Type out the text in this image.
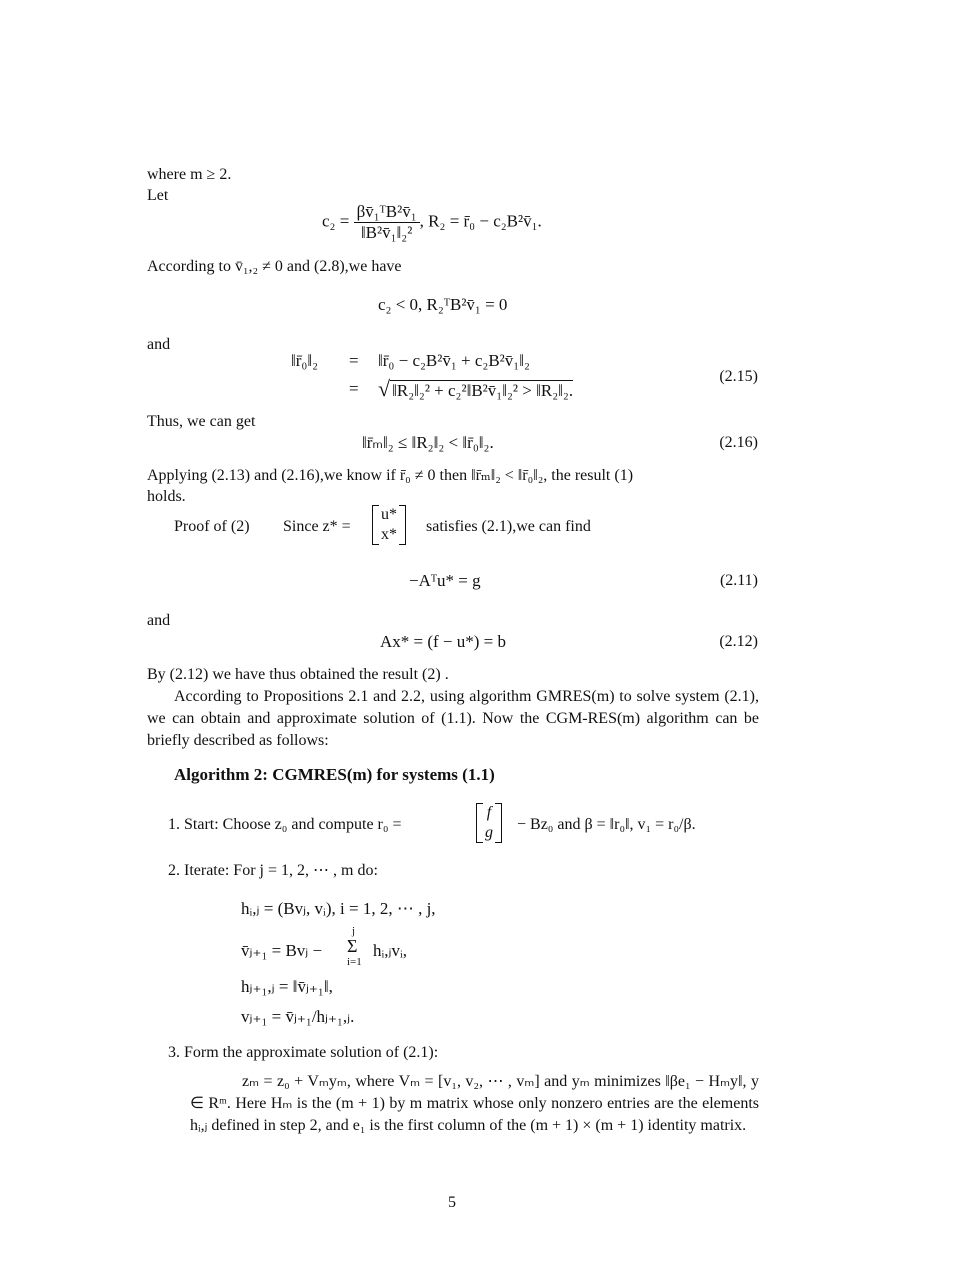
where m ≥ 2.
Let
$c_2 = \frac{\text{βv̄₁ᵀB²v̄₁}}{\text{‖B²v̄₁‖₂²}}$ , R₂ = r̄₀ − c₂B²v̄₁.
According to v̄₁,₂ ≠ 0 and (2.8),we have
c₂ < 0, R₂ᵀB²v̄₁ = 0
and
‖r̄₀‖₂ = ‖r̄₀ − c₂B²v̄₁ + c₂B²v̄₁‖₂
= √ ‖R₂‖₂² + c₂²‖B²v̄₁‖₂² > ‖R₂‖₂.
(2.15)
Thus, we can get
‖r̄ₘ‖₂ ≤ ‖R₂‖₂ < ‖r̄₀‖₂.	(2.16)
Applying (2.13) and (2.16),we know if r̄₀ ≠ 0 then ‖r̄ₘ‖₂ < ‖r̄₀‖₂, the result (1)
holds.
Proof of (2) Since z* =
u*
x* satisfies (2.1),we can find
−Aᵀu* = g	(2.11)
and
Ax* = (f − u*) = b	(2.12)
By (2.12) we have thus obtained the result (2) .
According to Propositions 2.1 and 2.2, using algorithm GMRES(m) to solve system (2.1), we can obtain and approximate solution of (1.1). Now the CGM-RES(m) algorithm can be briefly described as follows:
Algorithm 2: CGMRES(m) for systems (1.1)
1. Start: Choose z₀ and compute r₀ =
f
g − Bz₀ and β = ‖r₀‖, v₁ = r₀/β.
2. Iterate: For j = 1, 2, ⋯ , m do:
hᵢ,ⱼ = (Bvⱼ, vᵢ), i = 1, 2, ⋯ , j,
v̄ⱼ₊₁ = Bvⱼ −
j
Σ
i=1
hᵢ,ⱼvᵢ,
hⱼ₊₁,ⱼ = ‖v̄ⱼ₊₁‖,
vⱼ₊₁ = v̄ⱼ₊₁/hⱼ₊₁,ⱼ.
3. Form the approximate solution of (2.1):
zₘ = z₀ + Vₘyₘ, where Vₘ = [v₁, v₂, ⋯ , vₘ] and yₘ minimizes ‖βe₁ − Hₘy‖, y ∈ Rᵐ. Here Hₘ is the (m + 1) by m matrix whose only nonzero entries are the elements hᵢ,ⱼ defined in step 2, and e₁ is the first column of the (m + 1) × (m + 1) identity matrix.
5
